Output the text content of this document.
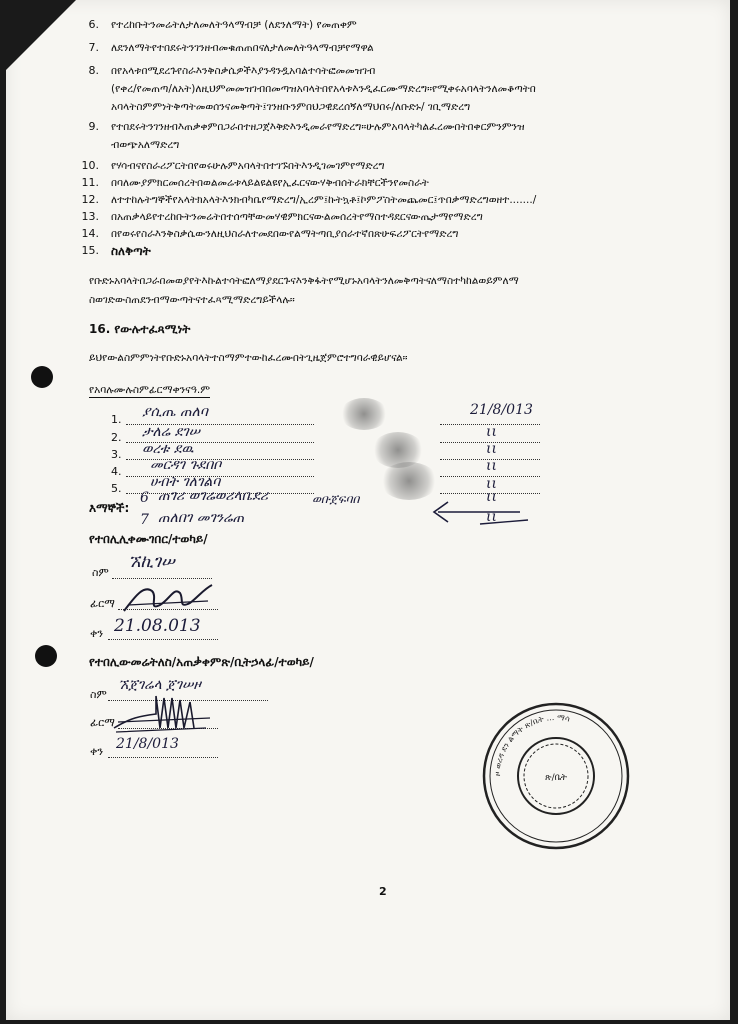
6. የተረከቡትንመሬትለታለመለትዓላማብቻ (ለደንለማት) የመጠቀም
7. ለደንለማትየተበደሩትንገንዘብመቁጠጠበናለታለመለትዓላማብቻየማዋል
8. በየአላቱበሚደረጉየስራእንቅስቃሴዎችእያንዳንዷአባልተሳትፎመመዝገብ
(የቀረ/የመጠጣ/ለአት)ለዚህምመመዝገብበመጣዝአባላትበየአላቱእንዲፈርሙማድረግ።የሚቀሩአባላትንለመቆጣትበ
አባላትስምምነትቅጣትመወሰንናመቅጣት፤ገንዘቡንምበህጋዊደረሰኝለማህበሩ/ለቡድኑ/ ገቢማድረግ
9. የተበደሩትንገንዘብእጠቃቀምበጋራበተዘጋጀእቅድእንዲመራየማድረግ።ሁሉምአባላትካልፈረሙበትበቀርምንምንዝ
ብወጭአለማድረግ
10. የሃሳብናየስራሪፖርትበየወሩሁሉምአባላትበተገኙበትእንዲገመገምየማድረግ
11. በባለሙያምክርመሰረትበወልመሬቱላይልዩልዩየኢፈርናውሃቅብሰትራክቸርችንየመስራት
12. ለተተከሉትግኞችየአላትክአላትእንክብካቤየማድረግ/ኢረም፤ኩትኳቶ፤ኮምፖስትመጨመር፤ጥበቃማድረግወዘተ......./
13. በአጠቃላይየተረከቡትንመሬትበተሰጣቸውመሃዊምክርናውልመሰረትየማስተዳደርናውጤታማየማድረግ
14. በየወሩየስራእንቅስቃሴውንለዚህስራለተመደበውየልማትጣቢያሰራተኛበጽሁፍሪፖርትየማድረግ
15. ስለቅጣት
የቡድኑአባላትበጋራበመወያየትእኩልተሳትፎለማያደርጉናእንቅፋትየሚሆኑአባላትንለመቅጣትናለማስተካከልወይምለማ
ስወገድውስጠደንብማውጣትናተፈጻሚማድረግይችላሉ።
16. የውሉተፈጻሚነት
ይህየውልስምምነትየቡድኑአባላትተስማምተውከፈረሙበትጊዜጀምሮተግባራዊይሆናል።
የአባሉሙሉስምፊርማቀንናዓ.ም
1. ያሲጤ ጠለባ	21/8/013
2. ታለሬ ደገሠ	ιι
3. ወረቱ ደዉ	ιι
4. መርዳገ ጉደበቦ	ιι
5. ሀብት ገለገልባ	ιι
እማኞች:
6 ጠገሪ ወገሬወሪላቤደሪ	ወቡጀፍባበ	ιι
7 ጠለበገ መገንሬጠ	ιι
የተበሊሊቀሙገበር/ተወካይ/
ስም
ኧኪገሠ
ፊርማ
ቀን 21.08.013
የተበሊውመሬትለስ/አጠቃቀምጽ/ቢትኃላፊ/ተወካይ/
ስም
ኧጀገሬላ ጀገሠዞ
ፊርማ
ቀን 21/8/013
ዞ ወረዳ ደን ልማት ጽ/ቤት ... ማሳ
ጽ/ቤት
2
